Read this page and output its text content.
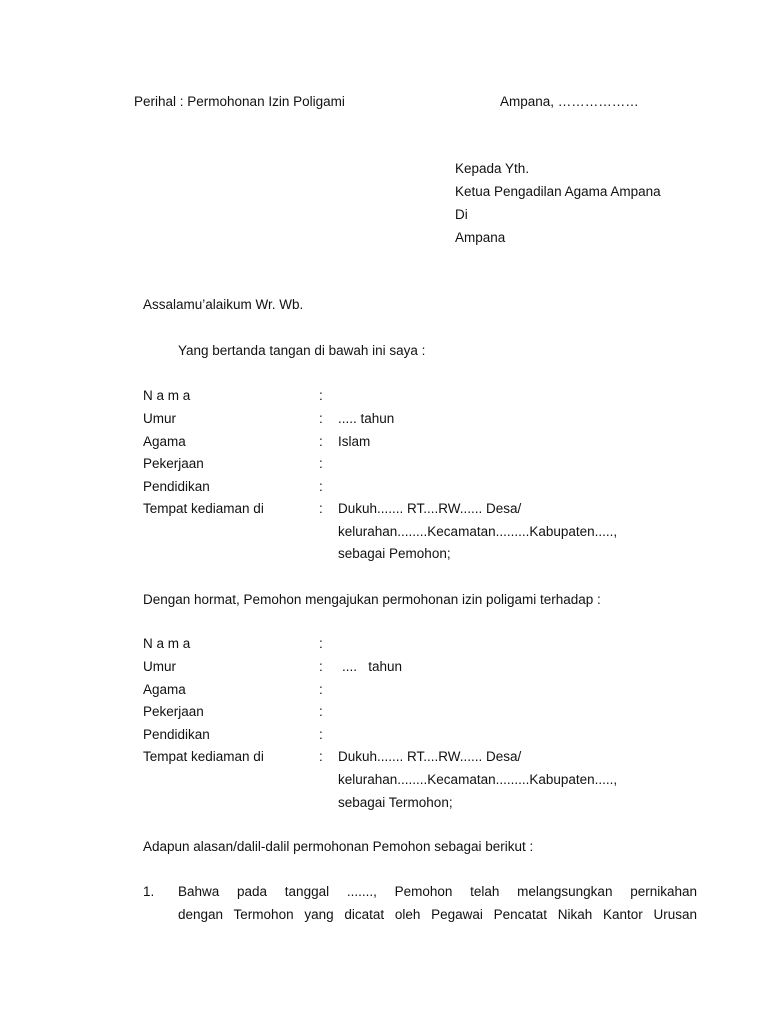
Perihal : Permohonan Izin Poligami	Ampana, ………………
Kepada Yth.
Ketua Pengadilan Agama Ampana
Di
Ampana
Assalamu’alaikum Wr. Wb.
Yang bertanda tangan di bawah ini saya :
N a m a	:
Umur	: ..... tahun
Agama	: Islam
Pekerjaan	:
Pendidikan	:
Tempat kediaman di	: Dukuh....... RT....RW...... Desa/
kelurahan........Kecamatan.........Kabupaten.....,
sebagai Pemohon;
Dengan hormat, Pemohon mengajukan permohonan izin poligami terhadap :
N a m a	:
Umur	: ....   tahun
Agama	:
Pekerjaan	:
Pendidikan	:
Tempat kediaman di	: Dukuh....... RT....RW...... Desa/
kelurahan........Kecamatan.........Kabupaten.....,
sebagai Termohon;
Adapun alasan/dalil-dalil permohonan Pemohon sebagai berikut :
1. Bahwa pada tanggal ......., Pemohon telah melangsungkan pernikahan
dengan Termohon yang dicatat oleh Pegawai Pencatat Nikah Kantor Urusan
